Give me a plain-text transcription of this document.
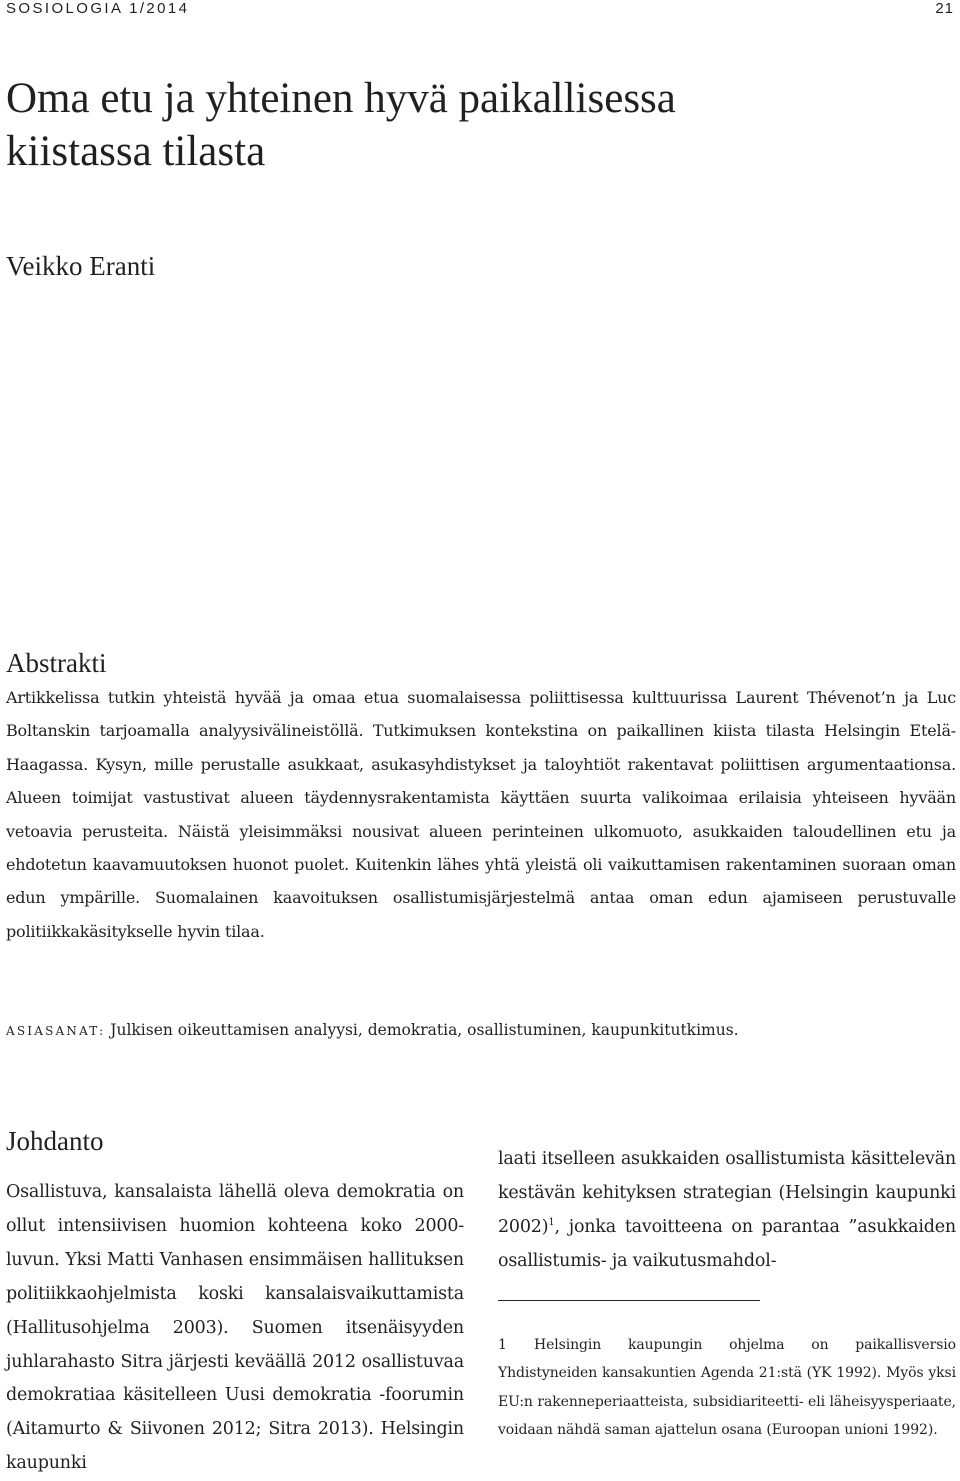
SOSIOLOGIA 1/2014	21
Oma etu ja yhteinen hyvä paikallisessa
kiistassa tilasta

Veikko Eranti

Abstrakti

Artikkelissa tutkin yhteistä hyvää ja omaa etua suomalaisessa poliittisessa kulttuurissa Laurent Thévenot’n ja Luc Boltanskin tarjoamalla analyysivälineistöllä. Tutkimuksen kontekstina on paikallinen kiista tilasta Helsingin Etelä-Haagassa. Kysyn, mille perustalle asukkaat, asukasyhdistykset ja taloyhtiöt rakentavat poliittisen argumentaationsa. Alueen toimijat vastustivat alueen täydennysrakentamista käyttäen suurta valikoimaa erilaisia yhteiseen hyvään vetoavia perusteita. Näistä yleisimmäksi nousivat alueen perinteinen ulkomuoto, asukkaiden taloudellinen etu ja ehdotetun kaavamuutoksen huonot puolet. Kuitenkin lähes yhtä yleistä oli vaikuttamisen rakentaminen suoraan oman edun ympärille. Suomalainen kaavoituksen osallistumisjärjestelmä antaa oman edun ajamiseen perustuvalle politiikkakäsitykselle hyvin tilaa.

ASIASANAT: Julkisen oikeuttamisen analyysi, demokratia, osallistuminen, kaupunkitutkimus.

Johdanto

Osallistuva, kansalaista lähellä oleva demokratia on ollut intensiivisen huomion kohteena koko 2000-luvun. Yksi Matti Vanhasen ensimmäisen hallituksen politiikkaohjelmista koski kansalaisvaikuttamista (Hallitusohjelma 2003). Suomen itsenäisyyden juhlarahasto Sitra järjesti keväällä 2012 osallistuvaa demokratiaa käsitelleen Uusi demokratia -foorumin (Aitamurto & Siivonen 2012; Sitra 2013). Helsingin kaupunki

laati itselleen asukkaiden osallistumista käsittelevän kestävän kehityksen strategian (Helsingin kaupunki 2002)$^1$, jonka tavoitteena on parantaa ”asukkaiden osallistumis- ja vaikutusmahdol-

1 Helsingin kaupungin ohjelma on paikallisversio Yhdistyneiden kansakuntien Agenda 21:stä (YK 1992). Myös yksi EU:n rakenneperiaatteista, subsidiariteetti- eli läheisyysperiaate, voidaan nähdä saman ajattelun osana (Euroopan unioni 1992).
